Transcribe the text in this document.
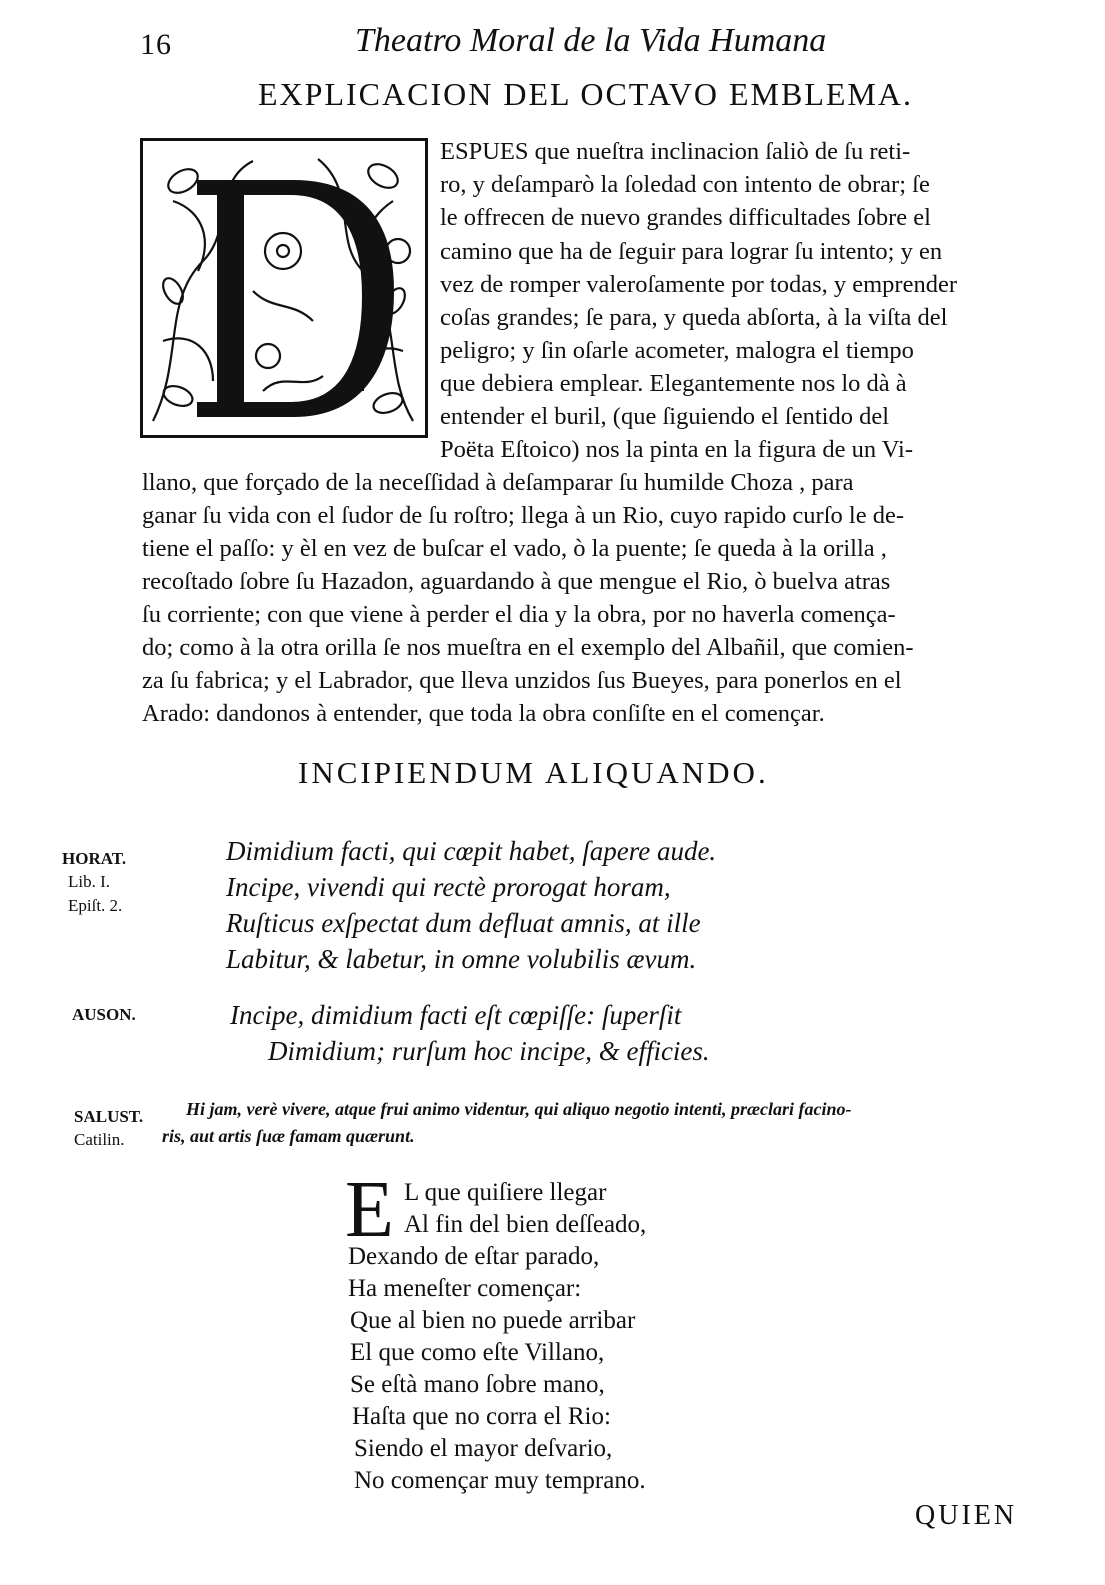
16	Theatro Moral de la Vida Humana
EXPLICACION DEL OCTAVO EMBLEMA.
ESPUES que nueſtra inclinacion ſaliò de ſu reti-
ro, y deſamparò la ſoledad con intento de obrar; ſe
le offrecen de nuevo grandes difficultades ſobre el
camino que ha de ſeguir para lograr ſu intento; y en
vez de romper valeroſamente por todas, y emprender
coſas grandes; ſe para, y queda abſorta, à la viſta del
peligro; y ſin oſarle acometer, malogra el tiempo
que debiera emplear. Elegantemente nos lo dà à
entender el buril, (que ſiguiendo el ſentido del
Poëta Eſtoico) nos la pinta en la figura de un Vi-
llano, que forçado de la neceſſidad à deſamparar ſu humilde Choza , para
ganar ſu vida con el ſudor de ſu roſtro; llega à un Rio, cuyo rapido curſo le de-
tiene el paſſo: y èl en vez de buſcar el vado, ò la puente; ſe queda à la orilla ,
recoſtado ſobre ſu Hazadon, aguardando à que mengue el Rio, ò buelva atras
ſu corriente; con que viene à perder el dia y la obra, por no haverla comença-
do; como à la otra orilla ſe nos mueſtra en el exemplo del Albañil, que comien-
za ſu fabrica; y el Labrador, que lleva unzidos ſus Bueyes, para ponerlos en el
Arado: dandonos à entender, que toda la obra conſiſte en el començar.
INCIPIENDUM ALIQUANDO.
HORAT.
Lib. I.
Epiſt. 2.
Dimidium facti, qui cœpit habet, ſapere aude.
Incipe, vivendi qui rectè prorogat horam,
Ruſticus exſpectat dum defluat amnis, at ille
Labitur, & labetur, in omne volubilis ævum.
AUSON.	Incipe, dimidium facti eſt cœpiſſe: ſuperſit
Dimidium; rurſum hoc incipe, & efficies.
SALUST.
Catilin.
Hi jam, verè vivere, atque frui animo videntur, qui aliquo negotio intenti, præclari facino-
ris, aut artis ſuæ famam quærunt.
E L que quiſiere llegar
Al fin del bien deſſeado,
Dexando de eſtar parado,
Ha meneſter començar:
Que al bien no puede arribar
El que como eſte Villano,
Se eſtà mano ſobre mano,
Haſta que no corra el Rio:
Siendo el mayor deſvario,
No començar muy temprano.
QUIEN
